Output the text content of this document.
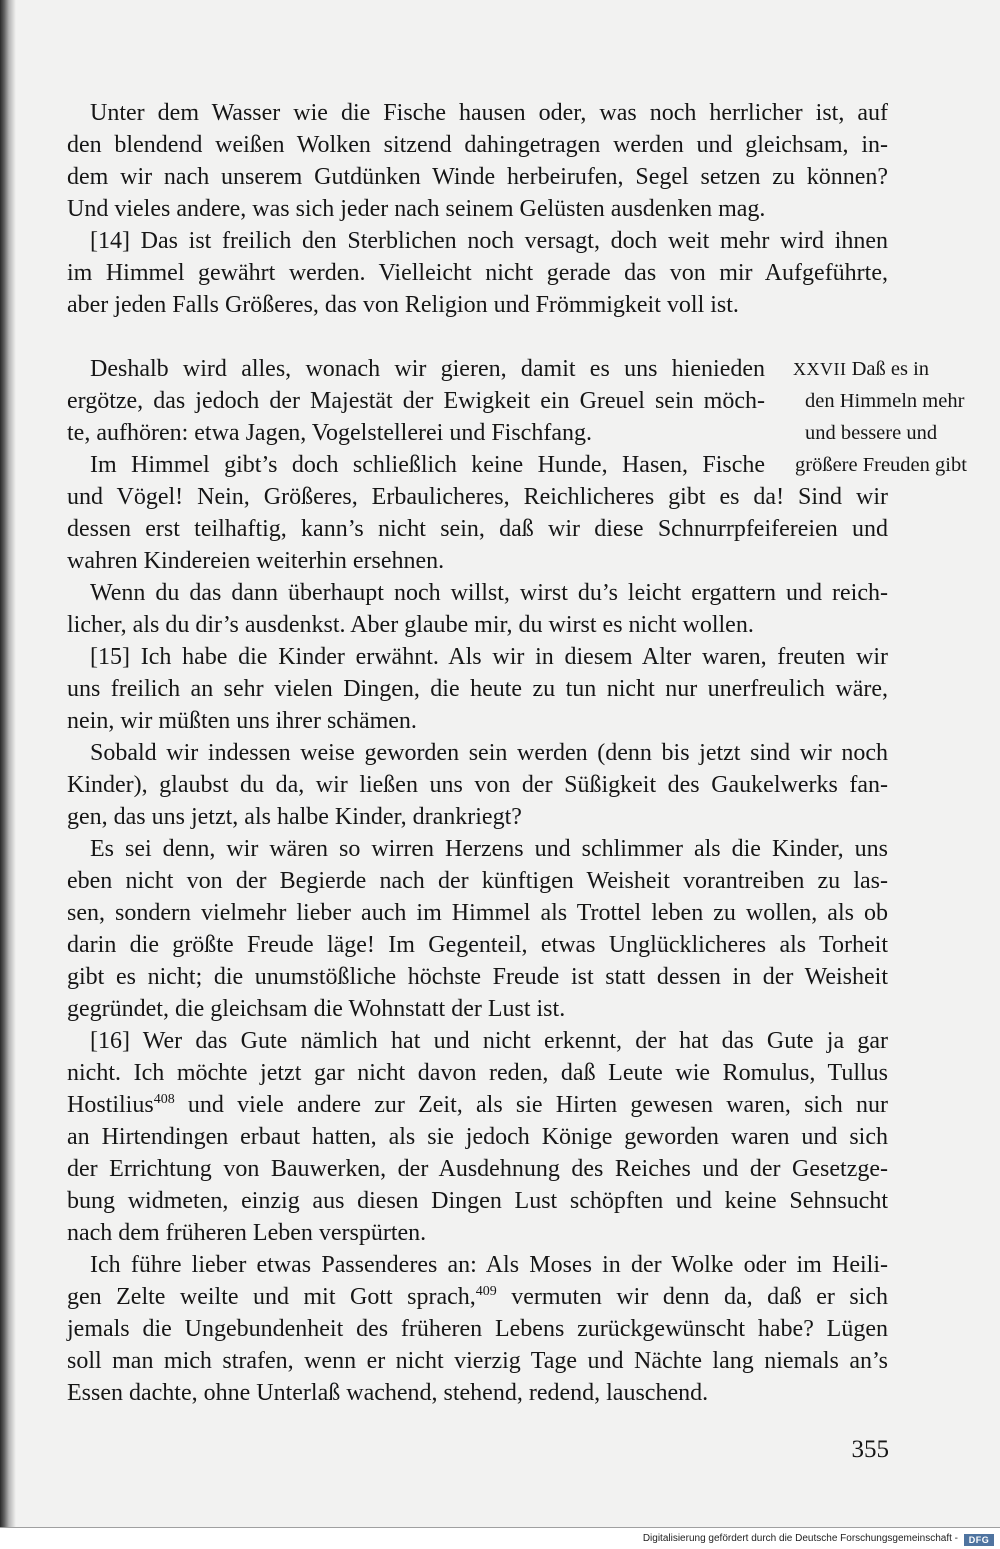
Unter dem Wasser wie die Fische hausen oder, was noch herrlicher ist, auf
den blendend weißen Wolken sitzend dahingetragen werden und gleichsam, in-
dem wir nach unserem Gutdünken Winde herbeirufen, Segel setzen zu können?
Und vieles andere, was sich jeder nach seinem Gelüsten ausdenken mag.
[14] Das ist freilich den Sterblichen noch versagt, doch weit mehr wird ihnen
im Himmel gewährt werden. Vielleicht nicht gerade das von mir Aufgeführte,
aber jeden Falls Größeres, das von Religion und Frömmigkeit voll ist.
Deshalb wird alles, wonach wir gieren, damit es uns hienieden
ergötze, das jedoch der Majestät der Ewigkeit ein Greuel sein möch-
te, aufhören: etwa Jagen, Vogelstellerei und Fischfang.
Im Himmel gibt’s doch schließlich keine Hunde, Hasen, Fische
und Vögel! Nein, Größeres, Erbaulicheres, Reichlicheres gibt es da! Sind wir
dessen erst teilhaftig, kann’s nicht sein, daß wir diese Schnurrpfeifereien und
wahren Kindereien weiterhin ersehnen.
Wenn du das dann überhaupt noch willst, wirst du’s leicht ergattern und reich-
licher, als du dir’s ausdenkst. Aber glaube mir, du wirst es nicht wollen.
[15] Ich habe die Kinder erwähnt. Als wir in diesem Alter waren, freuten wir
uns freilich an sehr vielen Dingen, die heute zu tun nicht nur unerfreulich wäre,
nein, wir müßten uns ihrer schämen.
Sobald wir indessen weise geworden sein werden (denn bis jetzt sind wir noch
Kinder), glaubst du da, wir ließen uns von der Süßigkeit des Gaukelwerks fan-
gen, das uns jetzt, als halbe Kinder, drankriegt?
Es sei denn, wir wären so wirren Herzens und schlimmer als die Kinder, uns
eben nicht von der Begierde nach der künftigen Weisheit vorantreiben zu las-
sen, sondern vielmehr lieber auch im Himmel als Trottel leben zu wollen, als ob
darin die größte Freude läge! Im Gegenteil, etwas Unglücklicheres als Torheit
gibt es nicht; die unumstößliche höchste Freude ist statt dessen in der Weisheit
gegründet, die gleichsam die Wohnstatt der Lust ist.
[16] Wer das Gute nämlich hat und nicht erkennt, der hat das Gute ja gar
nicht. Ich möchte jetzt gar nicht davon reden, daß Leute wie Romulus, Tullus
Hostilius$^{408}$ und viele andere zur Zeit, als sie Hirten gewesen waren, sich nur
an Hirtendingen erbaut hatten, als sie jedoch Könige geworden waren und sich
der Errichtung von Bauwerken, der Ausdehnung des Reiches und der Gesetzge-
bung widmeten, einzig aus diesen Dingen Lust schöpften und keine Sehnsucht
nach dem früheren Leben verspürten.
Ich führe lieber etwas Passenderes an: Als Moses in der Wolke oder im Heili-
gen Zelte weilte und mit Gott sprach,$^{409}$ vermuten wir denn da, daß er sich
jemals die Ungebundenheit des früheren Lebens zurückgewünscht habe? Lügen
soll man mich strafen, wenn er nicht vierzig Tage und Nächte lang niemals an’s
Essen dachte, ohne Unterlaß wachend, stehend, redend, lauschend.
XXVII Daß es in
den Himmeln mehr
und bessere und
größere Freuden gibt
355
Digitalisierung gefördert durch die Deutsche Forschungsgemeinschaft -	DFG
